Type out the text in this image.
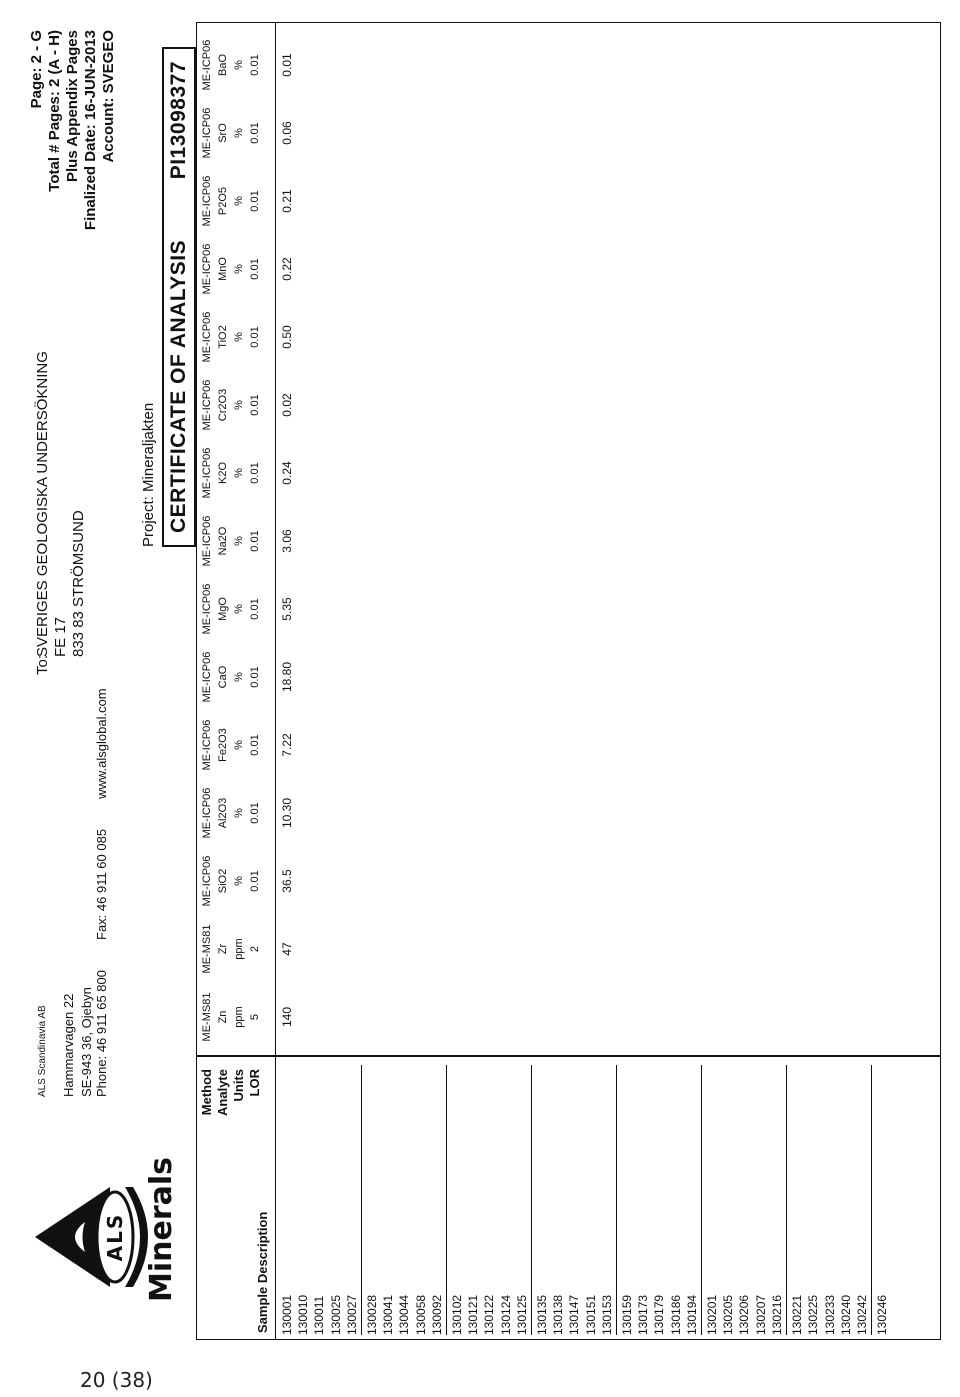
20 (38)
ALS Minerals
ALS Scandinavia AB	Hammarvagen 22 SE-943 36, Ojebyn Phone: 46 911 65 800
Fax: 46 911 60 085
www.alsglobal.com
To:SVERIGES GEOLOGISKA UNDERSÖKNING FE 17 833 83 STRÖMSUND
Project: Mineraljakten
Page: 2 - G Total # Pages: 2 (A - H) Plus Appendix Pages Finalized Date: 16-JUN-2013 Account: SVEGEO
CERTIFICATE OF ANALYSIS
PI13098377
Sample Description
Method Analyte Units LOR
ME-MS81 Zn ppm 5
ME-MS81 Zr ppm 2
ME-ICP06 SiO2 % 0.01
ME-ICP06 Al2O3 % 0.01
ME-ICP06 Fe2O3 % 0.01
ME-ICP06 CaO % 0.01
ME-ICP06 MgO % 0.01
ME-ICP06 Na2O % 0.01
ME-ICP06 K2O % 0.01
ME-ICP06 Cr2O3 % 0.01
ME-ICP06 TiO2 % 0.01
ME-ICP06 MnO % 0.01
ME-ICP06 P2O5 % 0.01
ME-ICP06 SrO % 0.01
ME-ICP06 BaO % 0.01
130001 130010 130011 130025 130027 130028 130041 130044 130058 130092 130102 130121 130122 130124 130125 130135 130138 130147 130151 130153 130159 130173 130179 130186 130194 130201 130205 130206 130207 130216 130221 130225 130233 130240 130242 130246
140
47
36.5
10.30
7.22
18.80
5.35
3.06
0.24
0.02
0.50
0.22
0.21
0.06
0.01
